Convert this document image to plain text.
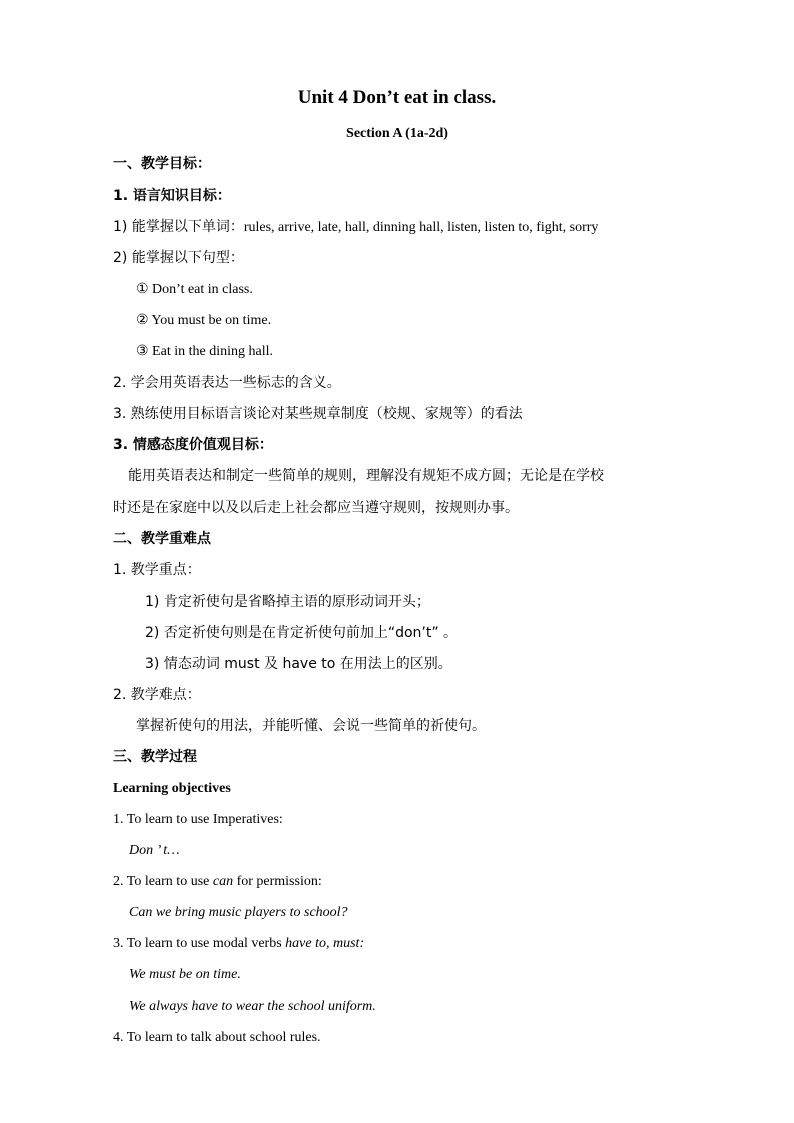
Unit 4 Don’t eat in class.
Section A (1a-2d)
一、教学目标：
1. 语言知识目标：
1) 能掌握以下单词：rules, arrive, late, hall, dinning hall, listen, listen to, fight, sorry
2) 能掌握以下句型：
① Don’t eat in class.
② You must be on time.
③ Eat in the dining hall.
2. 学会用英语表达一些标志的含义。
3. 熟练使用目标语言谈论对某些规章制度（校规、家规等）的看法
3. 情感态度价值观目标：
能用英语表达和制定一些简单的规则，理解没有规矩不成方圆；无论是在学校
时还是在家庭中以及以后走上社会都应当遵守规则，按规则办事。
二、教学重难点
1. 教学重点：
1) 肯定祈使句是省略掉主语的原形动词开头；
2) 否定祈使句则是在肯定祈使句前加上“don’t” 。
3) 情态动词 must 及 have to 在用法上的区别。
2. 教学难点：
掌握祈使句的用法，并能听懂、会说一些简单的祈使句。
三、教学过程
Learning objectives
1. To learn to use Imperatives:
Don ’ t…
2. To learn to use can for permission:
Can we bring music players to school?
3. To learn to use modal verbs have to, must:
We must be on time.
We always have to wear the school uniform.
4. To learn to talk about school rules.
